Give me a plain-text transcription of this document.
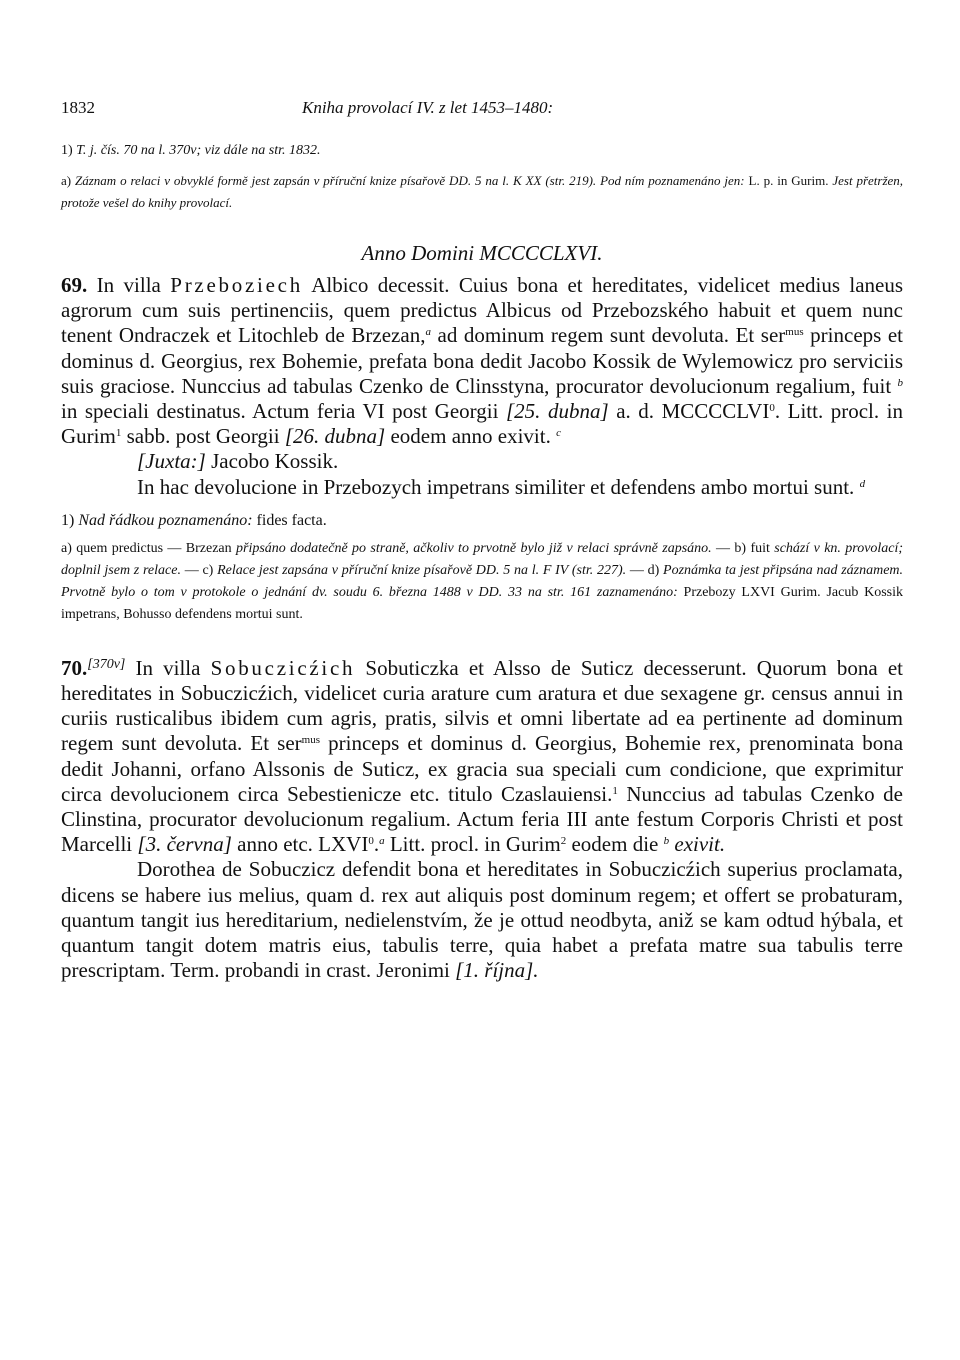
1832	Kniha provolací IV. z let 1453–1480:

1) T. j. čís. 70 na l. 370v; viz dále na str. 1832.

a) Záznam o relaci v obvyklé formě jest zapsán v příruční knize písařově DD. 5 na l. K XX (str. 219). Pod ním poznamenáno jen: L. p. in Gurim. Jest přetržen, protože vešel do knihy provolací.

Anno Domini MCCCCLXVI.

69. In villa Przeboziech Albico decessit. Cuius bona et hereditates, videlicet medius laneus agrorum cum suis pertinenciis, quem predictus Albicus od Przebozského habuit et quem nunc tenent Ondraczek et Litochleb de Brzezan,$^a$ ad dominum regem sunt devoluta. Et ser$^{mus}$ princeps et dominus d. Georgius, rex Bohemie, prefata bona dedit Jacobo Kossik de Wylemowicz pro serviciis suis graciose. Nunccius ad tabulas Czenko de Clinsstyna, procurator devolucionum regalium, fuit $^b$ in speciali destinatus. Actum feria VI post Georgii [25. dubna] a. d. MCCCCLVI$^0$. Litt. procl. in Gurim$^1$ sabb. post Georgii [26. dubna] eodem anno exivit. $^c$
[Juxta:] Jacobo Kossik.
In hac devolucione in Przebozych impetrans similiter et defendens ambo mortui sunt. $^d$

1) Nad řádkou poznamenáno: fides facta.

a) quem predictus — Brzezan připsáno dodatečně po straně, ačkoliv to prvotně bylo již v relaci správně zapsáno. — b) fuit schází v kn. provolací; doplnil jsem z relace. — c) Relace jest zapsána v příruční knize písařově DD. 5 na l. F IV (str. 227). — d) Poznámka ta jest připsána nad záznamem. Prvotně bylo o tom v protokole o jednání dv. soudu 6. března 1488 v DD. 33 na str. 161 zaznamenáno: Przebozy LXVI Gurim. Jacub Kossik impetrans, Bohusso defendens mortui sunt.

70.[370v] In villa Sobuczicźich Sobuticzka et Alsso de Suticz decesserunt. Quorum bona et hereditates in Sobuczicźich, videlicet curia arature cum aratura et due sexagene gr. census annui in curiis rusticalibus ibidem cum agris, pratis, silvis et omni libertate ad ea pertinente ad dominum regem sunt devoluta. Et ser$^{mus}$ princeps et dominus d. Georgius, Bohemie rex, prenominata bona dedit Johanni, orfano Alssonis de Suticz, ex gracia sua speciali cum condicione, que exprimitur circa devolucionem circa Sebestienicze etc. titulo Czaslauiensi.$^1$ Nunccius ad tabulas Czenko de Clinstina, procurator devolucionum regalium. Actum feria III ante festum Corporis Christi et post Marcelli [3. června] anno etc. LXVI$^0$.$^a$ Litt. procl. in Gurim$^2$ eodem die $^b$ exivit.
Dorothea de Sobuczicz defendit bona et hereditates in Sobuczicźich superius proclamata, dicens se habere ius melius, quam d. rex aut aliquis post dominum regem; et offert se probaturam, quantum tangit ius hereditarium, nedielenstvím, že je ottud neodbyta, aniž se kam odtud hýbala, et quantum tangit dotem matris eius, tabulis terre, quia habet a prefata matre sua tabulis terre prescriptam. Term. probandi in crast. Jeronimi [1. října].
